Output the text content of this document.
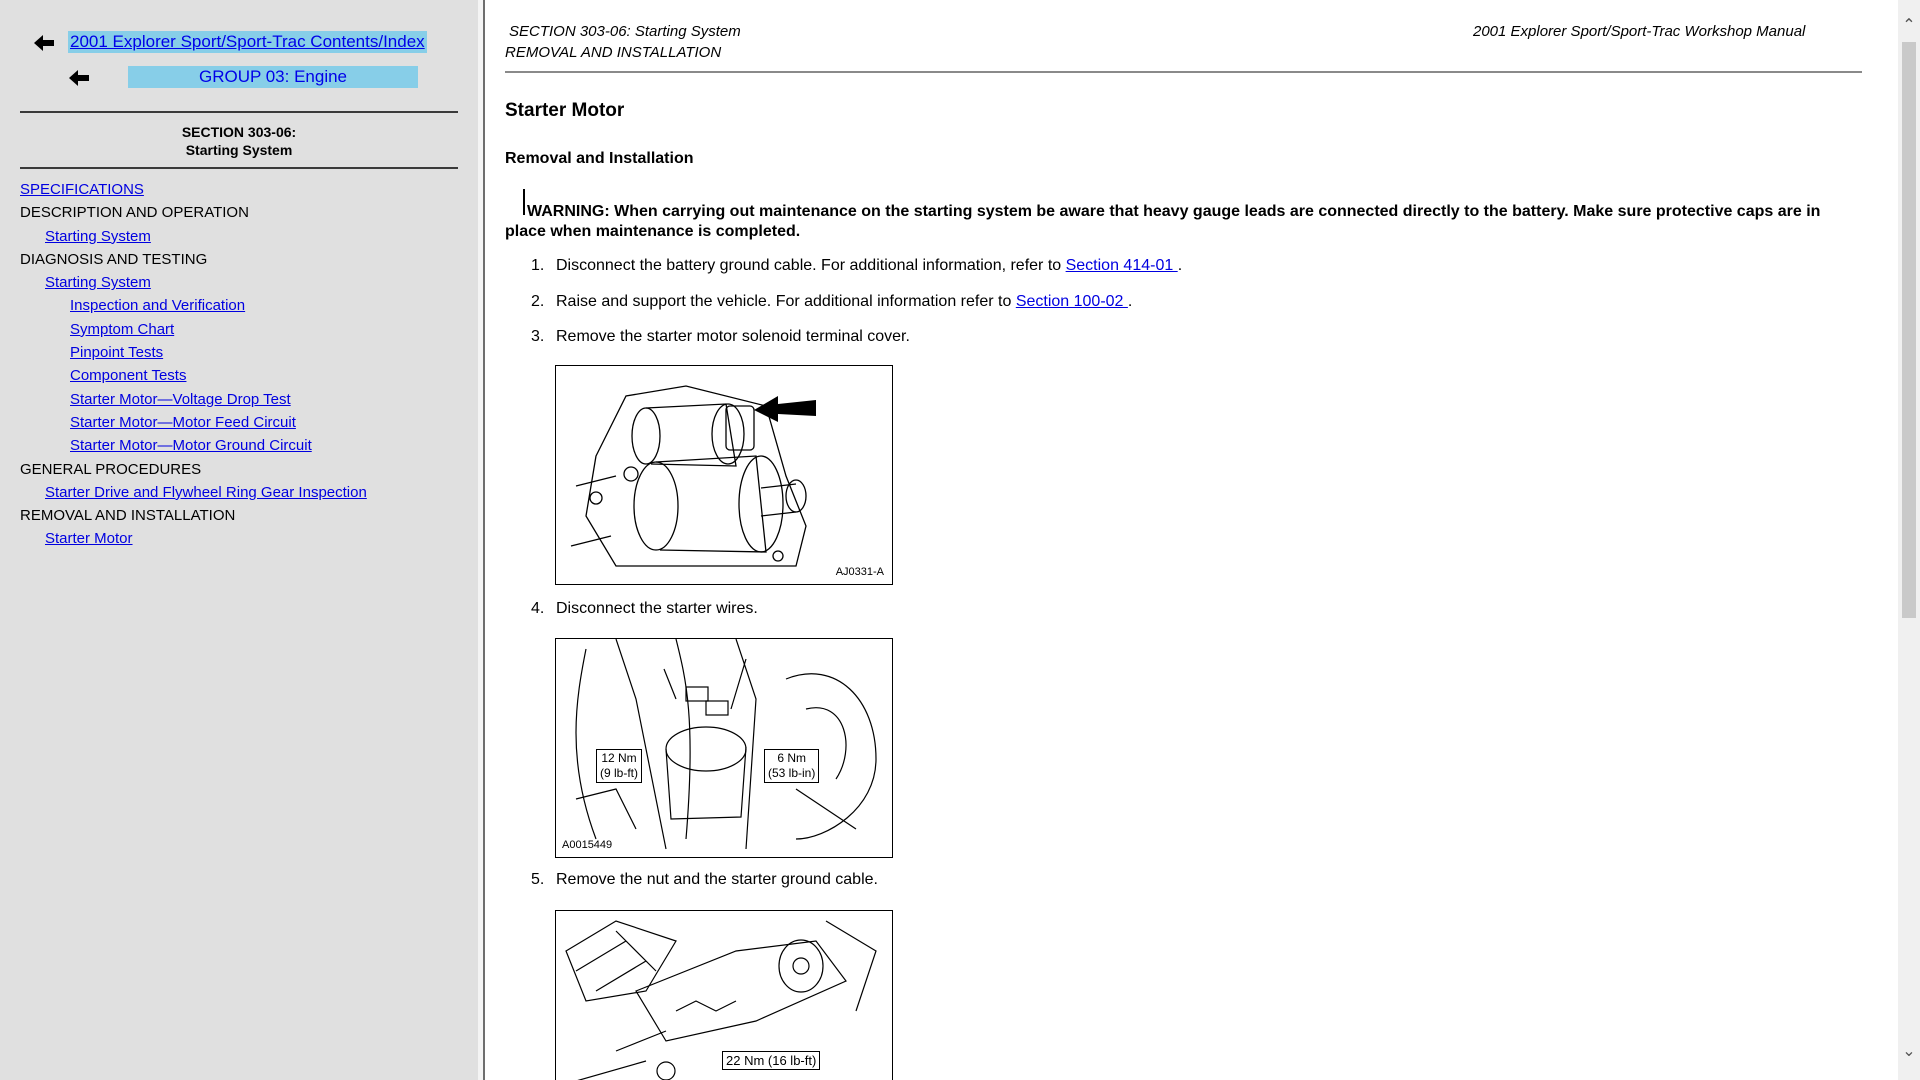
2001 Explorer Sport/Sport-Trac Contents/Index
GROUP 03: Engine
SECTION 303-06:
Starting System
SPECIFICATIONS
DESCRIPTION AND OPERATION
Starting System
DIAGNOSIS AND TESTING
Starting System
Inspection and Verification
Symptom Chart
Pinpoint Tests
Component Tests
Starter Motor—Voltage Drop Test
Starter Motor—Motor Feed Circuit
Starter Motor—Motor Ground Circuit
GENERAL PROCEDURES
Starter Drive and Flywheel Ring Gear Inspection
REMOVAL AND INSTALLATION
Starter Motor
SECTION 303-06: Starting System
REMOVAL AND INSTALLATION
2001 Explorer Sport/Sport-Trac Workshop Manual
Starter Motor
Removal and Installation
WARNING: When carrying out maintenance on the starting system be aware that heavy gauge leads are connected directly to the battery. Make sure protective caps are in place when maintenance is completed.
1. Disconnect the battery ground cable. For additional information, refer to Section 414-01 .
2. Raise and support the vehicle. For additional information refer to Section 100-02 .
3. Remove the starter motor solenoid terminal cover.
AJ0331-A
4. Disconnect the starter wires.
12 Nm
(9 lb-ft)
6 Nm
(53 lb-in)
A0015449
5. Remove the nut and the starter ground cable.
22 Nm (16 lb-ft)
⌃
⌄
